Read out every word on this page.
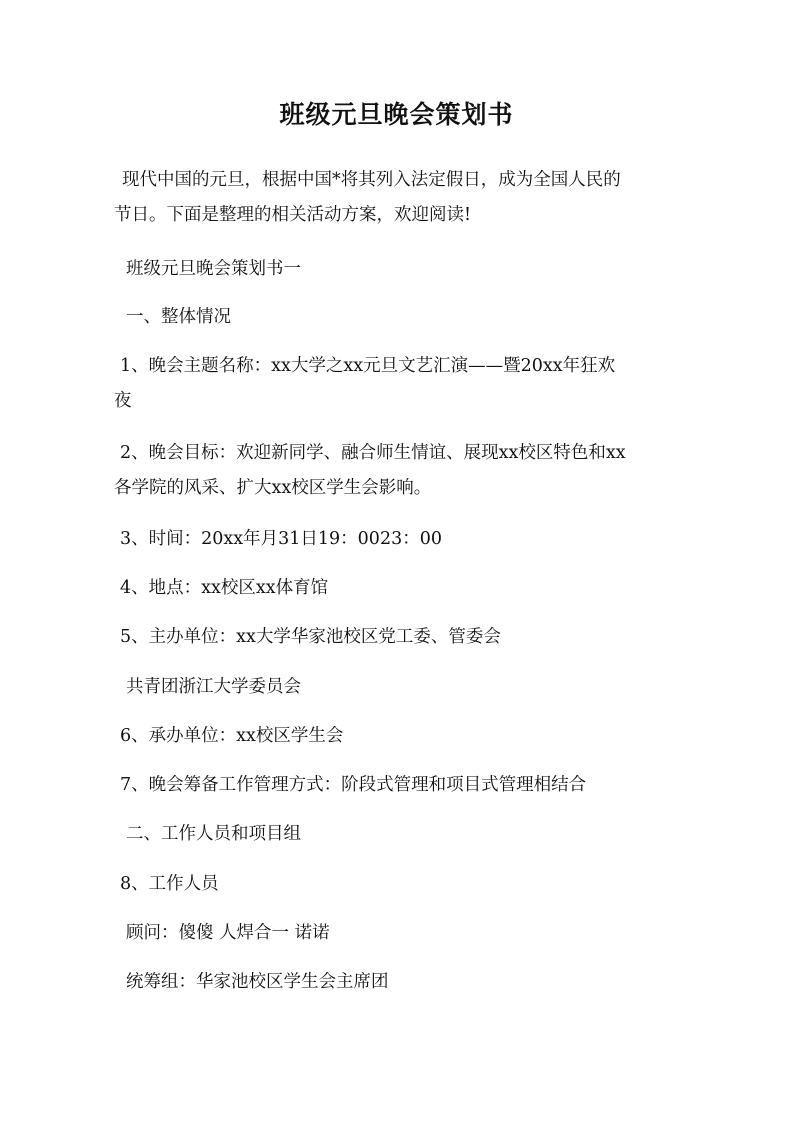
班级元旦晚会策划书
现代中国的元旦，根据中国*将其列入法定假日，成为全国人民的
节日。下面是整理的相关活动方案，欢迎阅读!
班级元旦晚会策划书一
一、整体情况
1、晚会主题名称：xx大学之xx元旦文艺汇演——暨20xx年狂欢
夜
2、晚会目标：欢迎新同学、融合师生情谊、展现xx校区特色和xx
各学院的风采、扩大xx校区学生会影响。
3、时间：20xx年月31日19：0023：00
4、地点：xx校区xx体育馆
5、主办单位：xx大学华家池校区党工委、管委会
共青团浙江大学委员会
6、承办单位：xx校区学生会
7、晚会筹备工作管理方式：阶段式管理和项目式管理相结合
二、工作人员和项目组
8、工作人员
顾问：傻傻 人焊合一 诺诺
统筹组：华家池校区学生会主席团
